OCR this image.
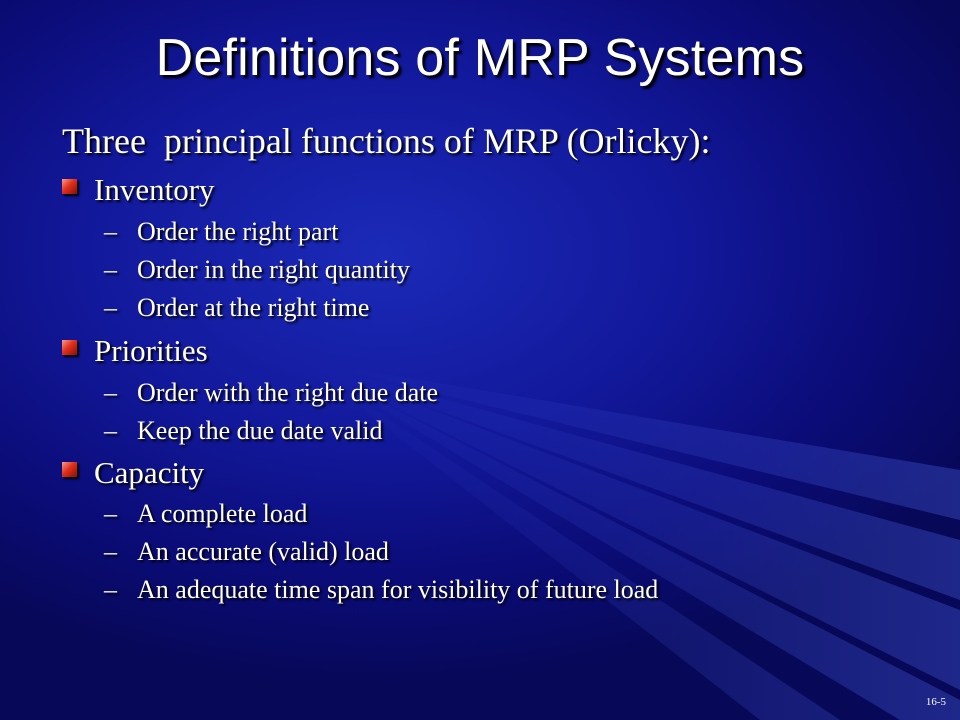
Definitions of MRP Systems
Three  principal functions of MRP (Orlicky):
Inventory
– Order the right part
– Order in the right quantity
– Order at the right time
Priorities
– Order with the right due date
– Keep the due date valid
Capacity
– A complete load
– An accurate (valid) load
– An adequate time span for visibility of future load
16-5
